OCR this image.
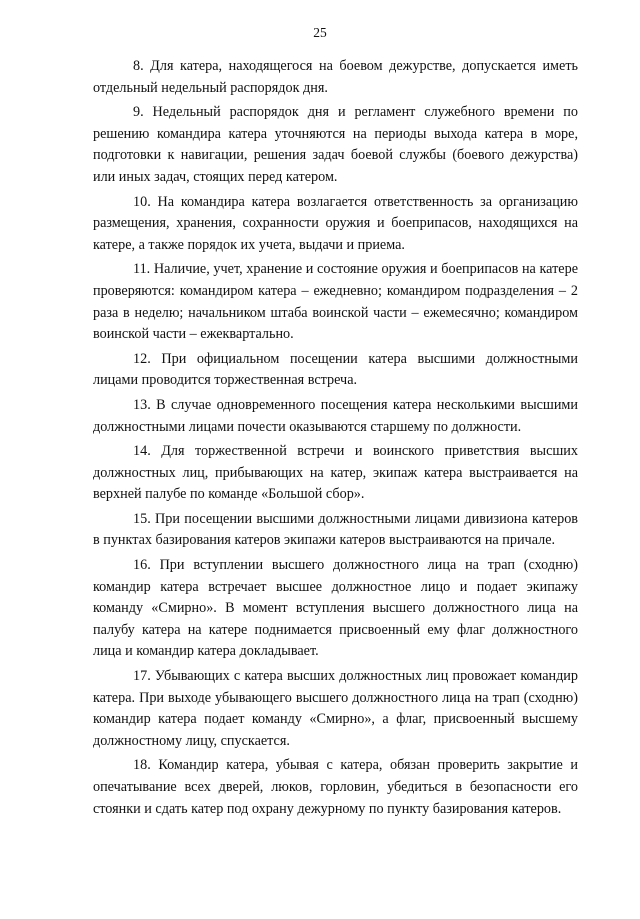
25

8. Для катера, находящегося на боевом дежурстве, допускается иметь отдельный недельный распорядок дня.

9. Недельный распорядок дня и регламент служебного времени по решению командира катера уточняются на периоды выхода катера в море, подготовки к навигации, решения задач боевой службы (боевого дежурства) или иных задач, стоящих перед катером.

10. На командира катера возлагается ответственность за организацию размещения, хранения, сохранности оружия и боеприпасов, находящихся на катере, а также порядок их учета, выдачи и приема.

11. Наличие, учет, хранение и состояние оружия и боеприпасов на катере проверяются: командиром катера – ежедневно; командиром подразделения – 2 раза в неделю; начальником штаба воинской части – ежемесячно; командиром воинской части – ежеквартально.

12. При официальном посещении катера высшими должностными лицами проводится торжественная встреча.

13. В случае одновременного посещения катера несколькими высшими должностными лицами почести оказываются старшему по должности.

14. Для торжественной встречи и воинского приветствия высших должностных лиц, прибывающих на катер, экипаж катера выстраивается на верхней палубе по команде «Большой сбор».

15. При посещении высшими должностными лицами дивизиона катеров в пунктах базирования катеров экипажи катеров выстраиваются на причале.

16. При вступлении высшего должностного лица на трап (сходню) командир катера встречает высшее должностное лицо и подает экипажу команду «Смирно». В момент вступления высшего должностного лица на палубу катера на катере поднимается присвоенный ему флаг должностного лица и командир катера докладывает.

17. Убывающих с катера высших должностных лиц провожает командир катера. При выходе убывающего высшего должностного лица на трап (сходню) командир катера подает команду «Смирно», а флаг, присвоенный высшему должностному лицу, спускается.

18. Командир катера, убывая с катера, обязан проверить закрытие и опечатывание всех дверей, люков, горловин, убедиться в безопасности его стоянки и сдать катер под охрану дежурному по пункту базирования катеров.
